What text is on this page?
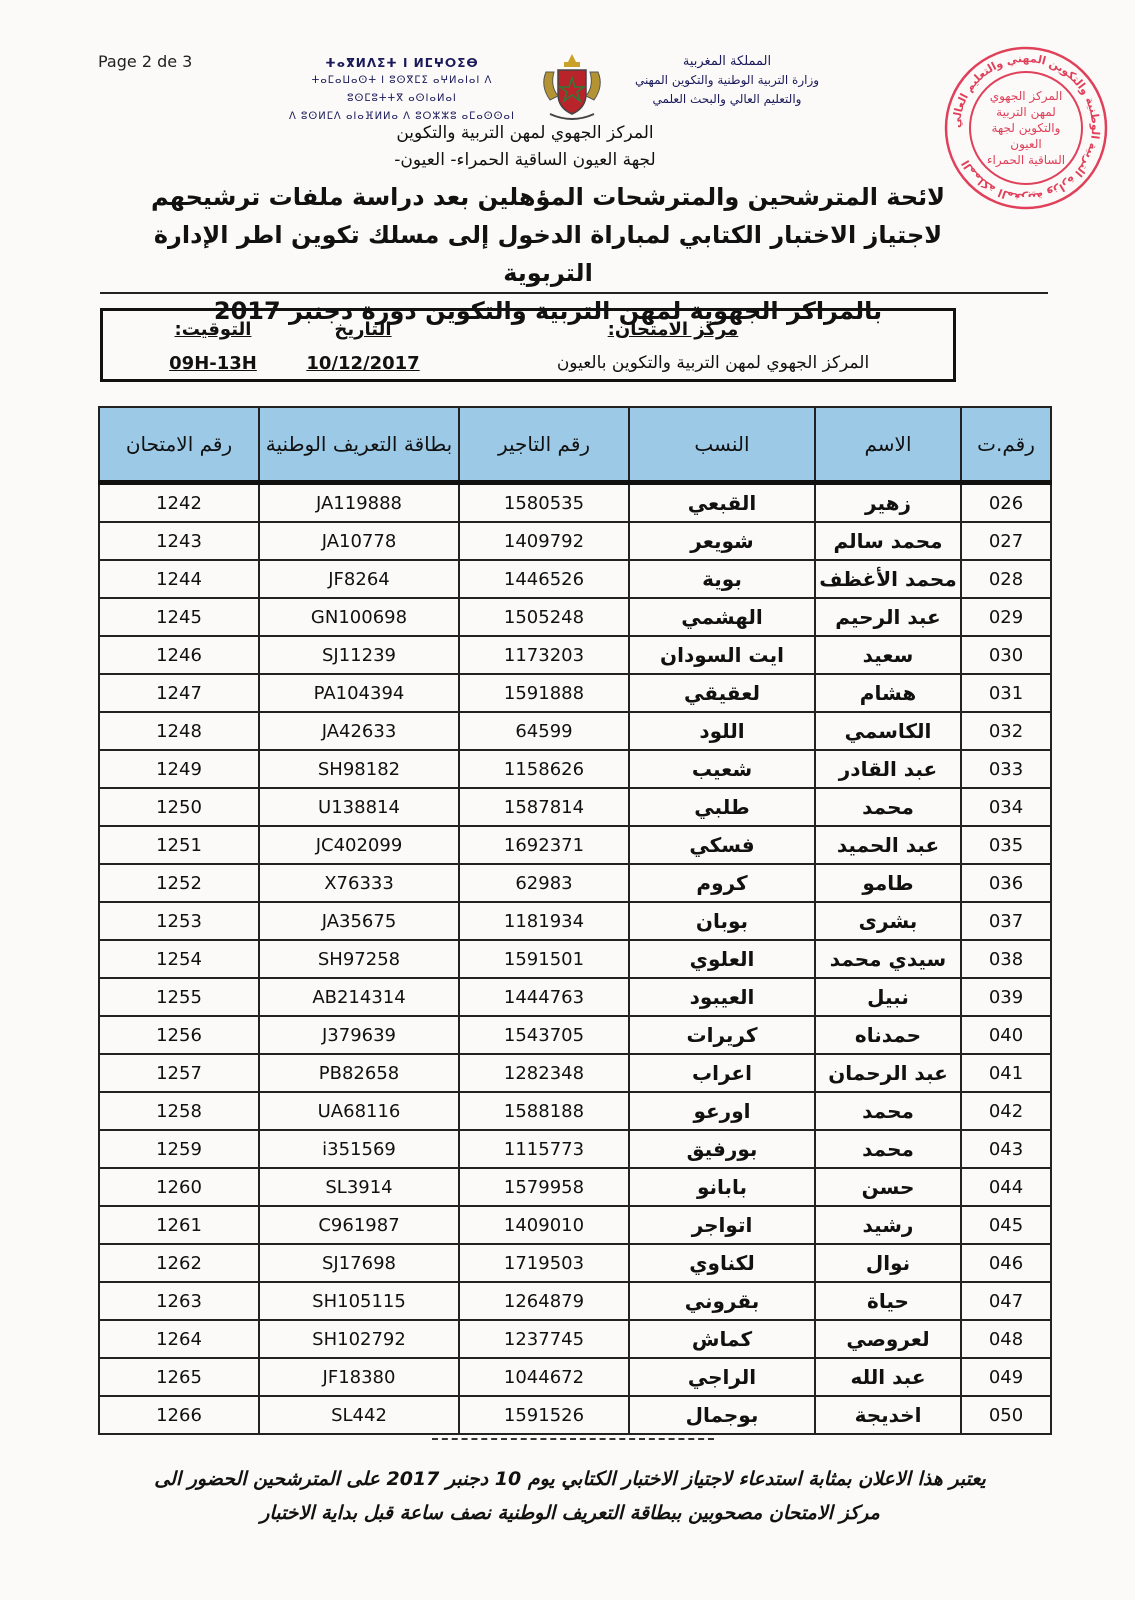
Page 2 de 3	ⵜⴰⴳⵍⴷⵉⵜ ⵏ ⵍⵎⵖⵔⵉⴱ
ⵜⴰⵎⴰⵡⴰⵙⵜ ⵏ ⵓⵙⴳⵎⵉ ⴰⵖⵍⴰⵏⴰⵏ ⴷ ⵓⵙⵎⵓⵜⵜⴳ ⴰⵙⵏⴰⵍⴰⵏ
ⴷ ⵓⵙⵍⵎⴷ ⴰⵏⴰⴼⵍⵍⴰ ⴷ ⵓⵔⵣⵣⵓ ⴰⵎⴰⵙⵙⴰⵏ
المملكة المغربية
وزارة التربية الوطنية والتكوين المهني
والتعليم العالي والبحث العلمي
المركز الجهوي لمهن التربية والتكوين
لجهة العيون الساقية الحمراء- العيون-
المملكة المغربية وزارة التربية الوطنية والتكوين المهني والتعليم العالي
المركز الجهوي
لمهن التربية
والتكوين لجهة
العيون
الساقية الحمراء
لائحة المترشحين والمترشحات المؤهلين بعد دراسة ملفات ترشيحهم
لاجتياز الاختبار الكتابي لمباراة الدخول إلى مسلك تكوين اطر الإدارة التربوية
بالمراكز الجهوية لمهن التربية والتكوين دورة دجنبر 2017
التوقيت:
09H-13H
التاريخ
10/12/2017
مركز الامتحان:
المركز الجهوي لمهن التربية والتكوين بالعيون
رقم الامتحان	بطاقة التعريف الوطنية	رقم التاجير	النسب	الاسم	رقم.ت
1242	JA119888	1580535	القبعي	زهير	026
1243	JA10778	1409792	شويعر	محمد سالم	027
1244	JF8264	1446526	بوية	محمد الأغظف	028
1245	GN100698	1505248	الهشمي	عبد الرحيم	029
1246	SJ11239	1173203	ايت السودان	سعيد	030
1247	PA104394	1591888	لعقيقي	هشام	031
1248	JA42633	64599	اللود	الكاسمي	032
1249	SH98182	1158626	شعيب	عبد القادر	033
1250	U138814	1587814	طلبي	محمد	034
1251	JC402099	1692371	فسكي	عبد الحميد	035
1252	X76333	62983	كروم	طامو	036
1253	JA35675	1181934	بوبان	بشرى	037
1254	SH97258	1591501	العلوي	سيدي محمد	038
1255	AB214314	1444763	العيبود	نبيل	039
1256	J379639	1543705	كريرات	حمدناه	040
1257	PB82658	1282348	اعراب	عبد الرحمان	041
1258	UA68116	1588188	اورعو	محمد	042
1259	i351569	1115773	بورفيق	محمد	043
1260	SL3914	1579958	بابانو	حسن	044
1261	C961987	1409010	اتواجر	رشيد	045
1262	SJ17698	1719503	لكناوي	نوال	046
1263	SH105115	1264879	بقروني	حياة	047
1264	SH102792	1237745	كماش	لعروصي	048
1265	JF18380	1044672	الراجي	عبد الله	049
1266	SL442	1591526	بوجمال	اخديجة	050
يعتبر هذا الاعلان بمثابة استدعاء لاجتياز الاختبار الكتابي يوم 10 دجنبر 2017 على المترشحين الحضور الى
مركز الامتحان مصحوبين ببطاقة التعريف الوطنية نصف ساعة قبل بداية الاختبار
